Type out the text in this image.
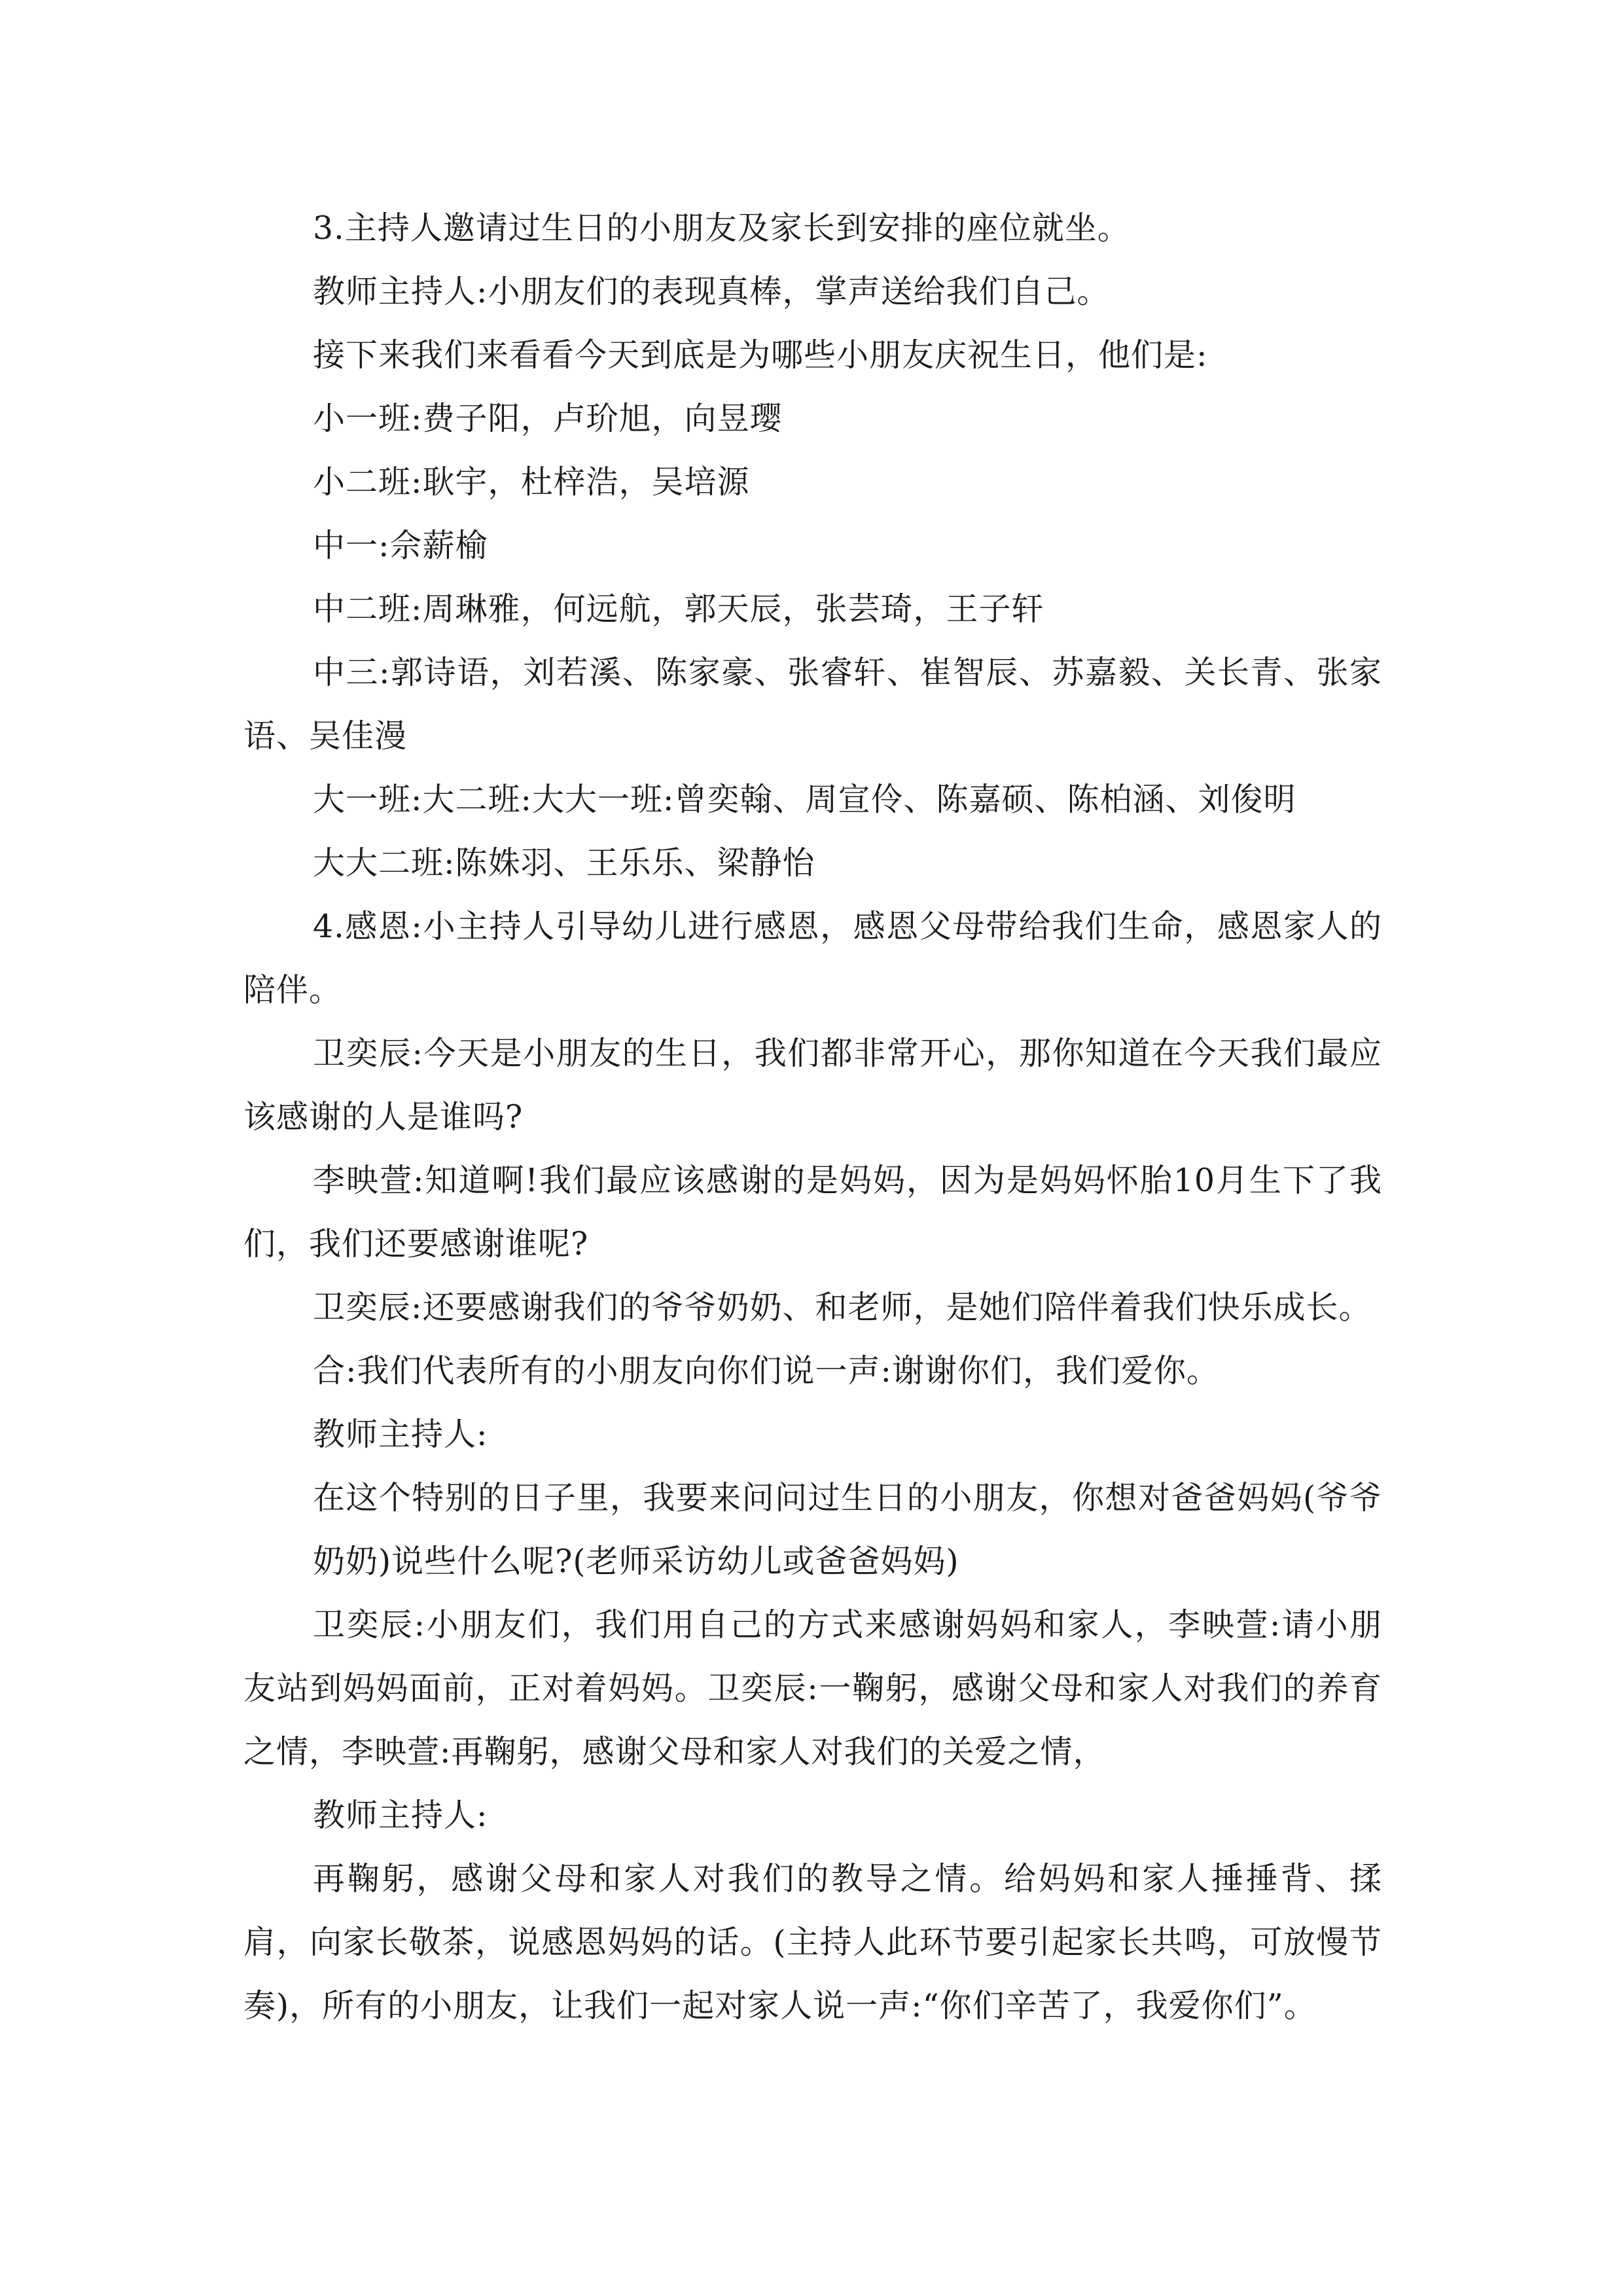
3.主持人邀请过生日的小朋友及家长到安排的座位就坐。

教师主持人:小朋友们的表现真棒，掌声送给我们自己。

接下来我们来看看今天到底是为哪些小朋友庆祝生日，他们是:

小一班:费子阳，卢玠旭，向昱璎

小二班:耿宇，杜梓浩，吴培源

中一:佘薪榆

中二班:周琳雅，何远航，郭天辰，张芸琦，王子轩

中三:郭诗语，刘若溪、陈家豪、张睿轩、崔智辰、苏嘉毅、关长青、张家语、吴佳漫

大一班:大二班:大大一班:曾奕翰、周宣伶、陈嘉硕、陈柏涵、刘俊明

大大二班:陈姝羽、王乐乐、梁静怡

4.感恩:小主持人引导幼儿进行感恩，感恩父母带给我们生命，感恩家人的陪伴。

卫奕辰:今天是小朋友的生日，我们都非常开心，那你知道在今天我们最应该感谢的人是谁吗?

李映萱:知道啊!我们最应该感谢的是妈妈，因为是妈妈怀胎10月生下了我们，我们还要感谢谁呢?

卫奕辰:还要感谢我们的爷爷奶奶、和老师，是她们陪伴着我们快乐成长。

合:我们代表所有的小朋友向你们说一声:谢谢你们，我们爱你。

教师主持人:

在这个特别的日子里，我要来问问过生日的小朋友，你想对爸爸妈妈(爷爷奶奶)说些什么呢?(老师采访幼儿或爸爸妈妈)

卫奕辰:小朋友们，我们用自己的方式来感谢妈妈和家人，李映萱:请小朋友站到妈妈面前，正对着妈妈。卫奕辰:一鞠躬，感谢父母和家人对我们的养育之情，李映萱:再鞠躬，感谢父母和家人对我们的关爱之情，

教师主持人:

再鞠躬，感谢父母和家人对我们的教导之情。给妈妈和家人捶捶背、揉肩，向家长敬茶，说感恩妈妈的话。(主持人此环节要引起家长共鸣，可放慢节奏)，所有的小朋友，让我们一起对家人说一声:“你们辛苦了，我爱你们”。
